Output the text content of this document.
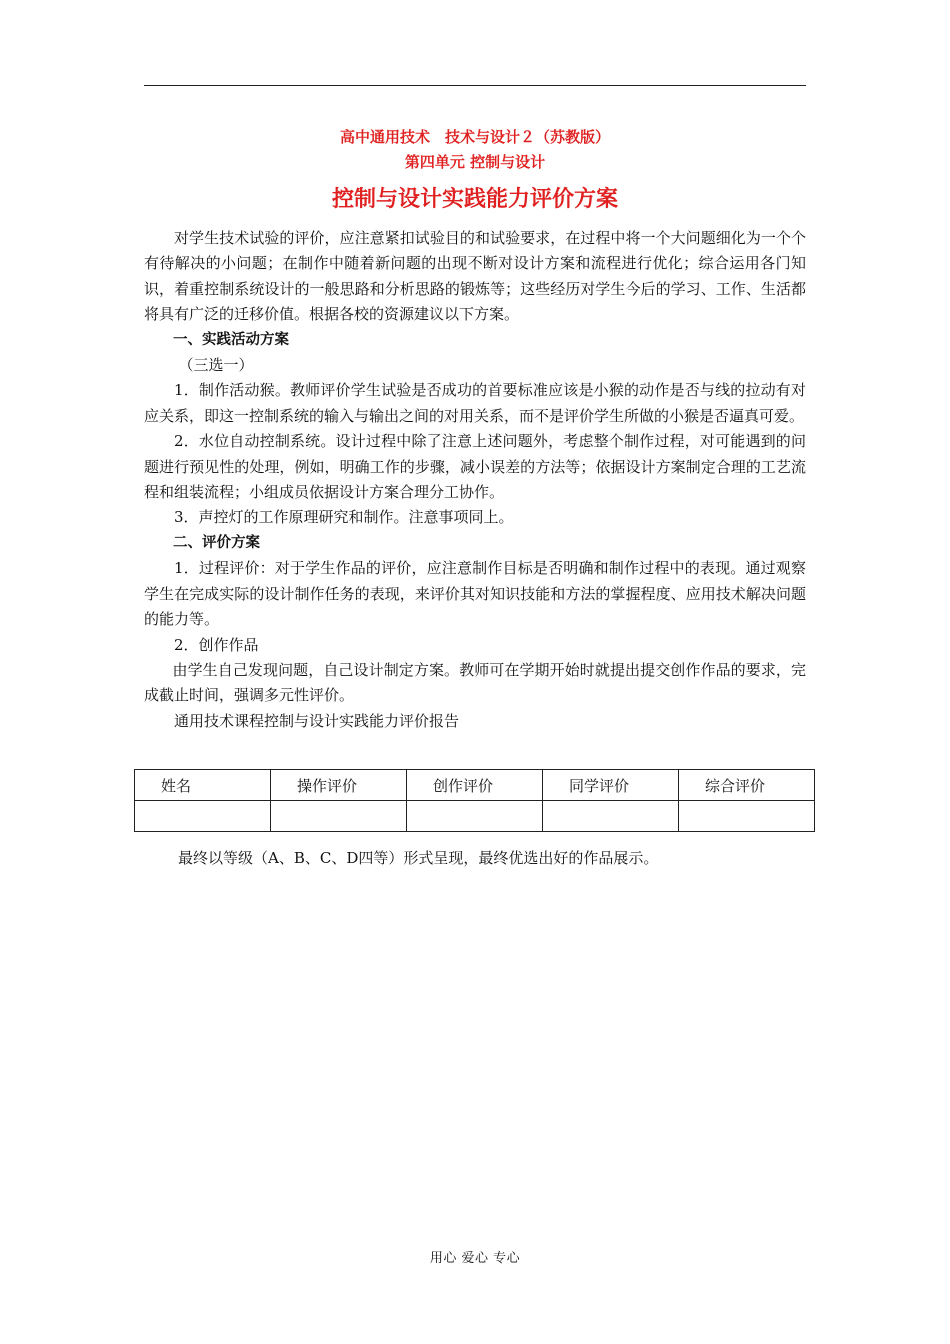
高中通用技术　技术与设计２（苏教版）
第四单元 控制与设计
控制与设计实践能力评价方案

对学生技术试验的评价，应注意紧扣试验目的和试验要求，在过程中将一个大问题细化为一个个有待解决的小问题；在制作中随着新问题的出现不断对设计方案和流程进行优化；综合运用各门知识，着重控制系统设计的一般思路和分析思路的锻炼等；这些经历对学生今后的学习、工作、生活都将具有广泛的迁移价值。根据各校的资源建议以下方案。

一、实践活动方案

（三选一）

1．制作活动猴。教师评价学生试验是否成功的首要标准应该是小猴的动作是否与线的拉动有对应关系，即这一控制系统的输入与输出之间的对用关系，而不是评价学生所做的小猴是否逼真可爱。

2．水位自动控制系统。设计过程中除了注意上述问题外，考虑整个制作过程，对可能遇到的问题进行预见性的处理，例如，明确工作的步骤，减小误差的方法等；依据设计方案制定合理的工艺流程和组装流程；小组成员依据设计方案合理分工协作。

3．声控灯的工作原理研究和制作。注意事项同上。

二、评价方案

1．过程评价：对于学生作品的评价，应注意制作目标是否明确和制作过程中的表现。通过观察学生在完成实际的设计制作任务的表现，来评价其对知识技能和方法的掌握程度、应用技术解决问题的能力等。

2．创作作品

由学生自己发现问题，自己设计制定方案。教师可在学期开始时就提出提交创作作品的要求，完成截止时间，强调多元性评价。

通用技术课程控制与设计实践能力评价报告

姓名	操作评价	创作评价	同学评价	综合评价

最终以等级（A、B、C、D四等）形式呈现，最终优选出好的作品展示。
用心 爱心 专心
